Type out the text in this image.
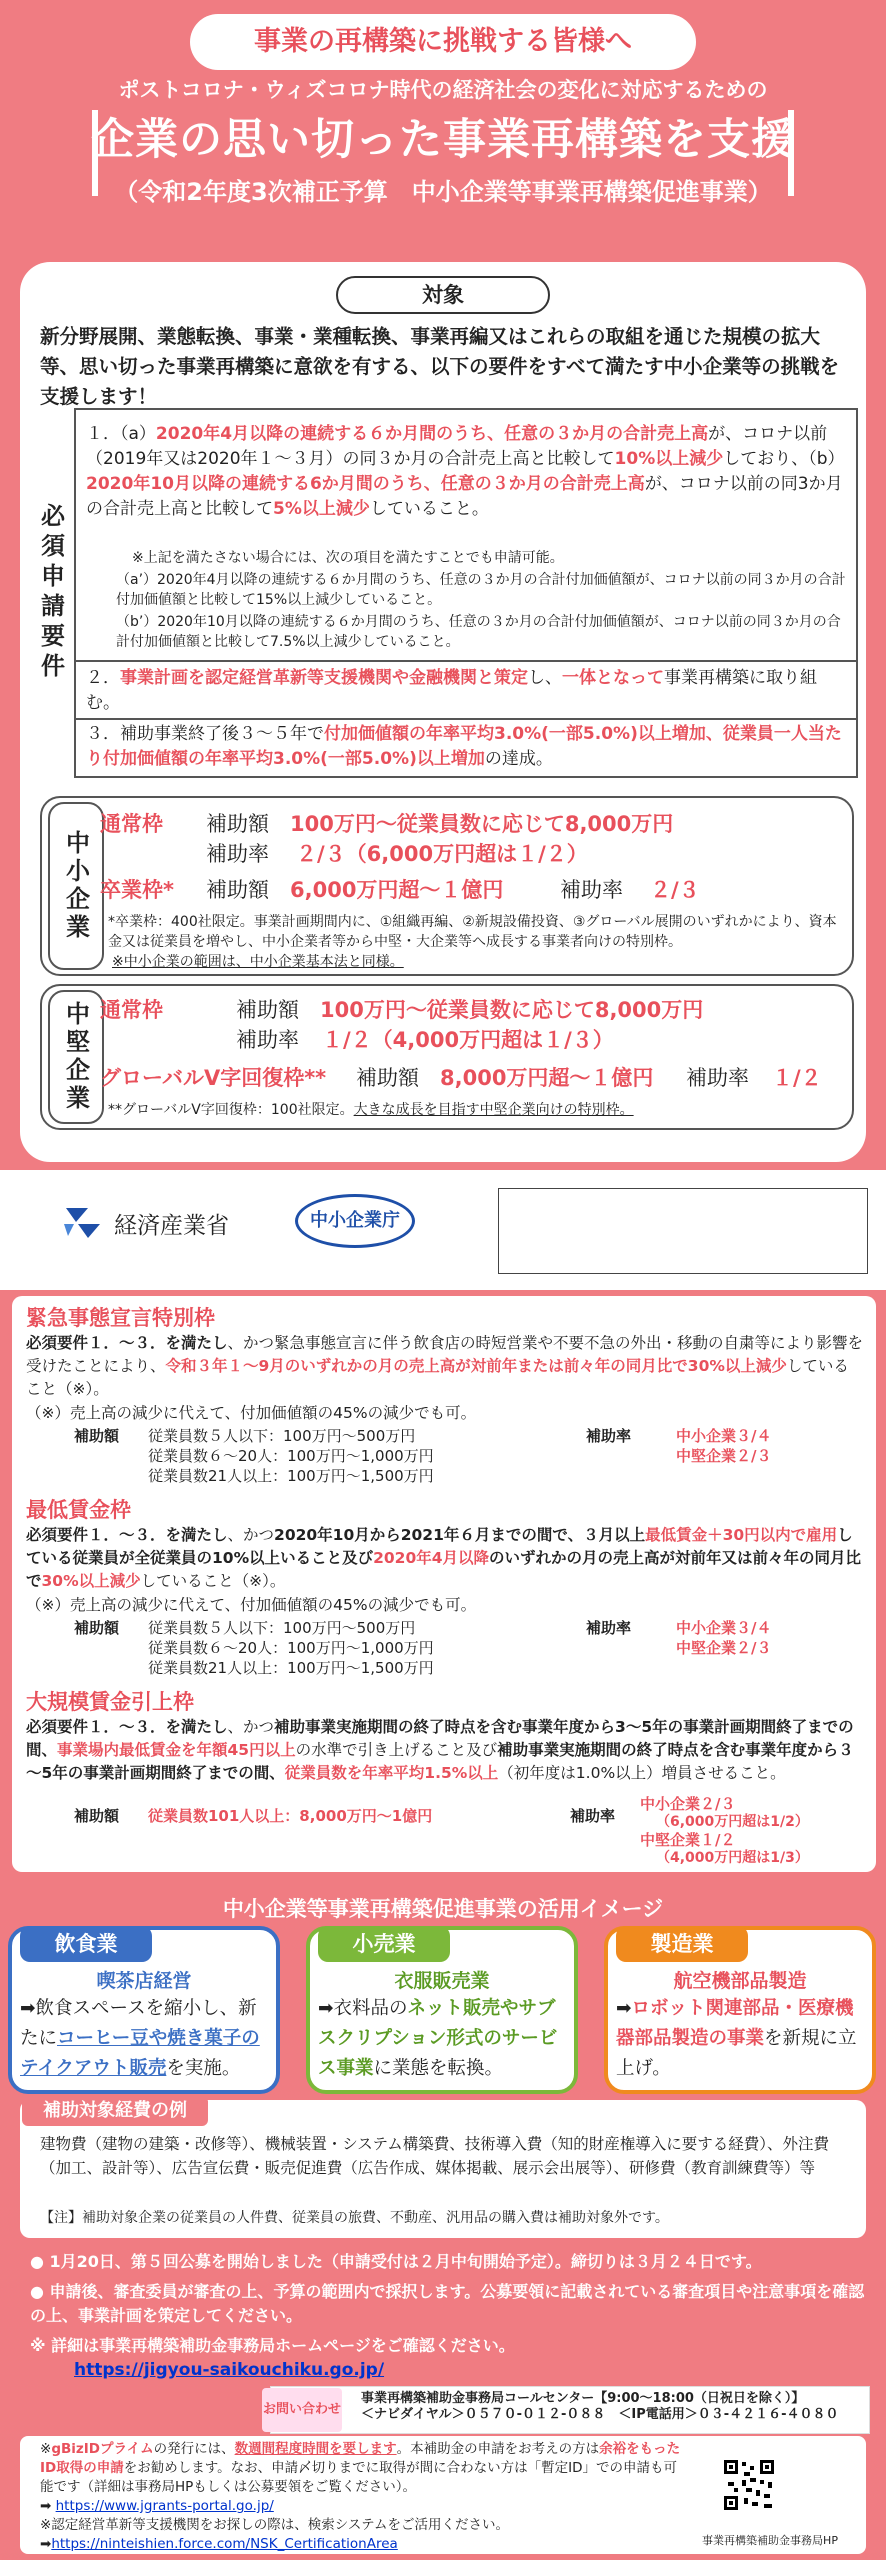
事業の再構築に挑戦する皆様へ
ポストコロナ・ウィズコロナ時代の経済社会の変化に対応するための
企業の思い切った事業再構築を支援
（令和2年度3次補正予算　中小企業等事業再構築促進事業）
対象
新分野展開、業態転換、事業・業種転換、事業再編又はこれらの取組を通じた規模の拡大等、思い切った事業再構築に意欲を有する、以下の要件をすべて満たす中小企業等の挑戦を支援します！
必須申請要件
１．（a）2020年4月以降の連続する６か月間のうち、任意の３か月の合計売上高が、コロナ以前（2019年又は2020年１～３月）の同３か月の合計売上高と比較して10%以上減少しており、（b）2020年10月以降の連続する6か月間のうち、任意の３か月の合計売上高が、コロナ以前の同3か月の合計売上高と比較して5%以上減少していること。
※上記を満たさない場合には、次の項目を満たすことでも申請可能。
（a’）2020年4月以降の連続する６か月間のうち、任意の３か月の合計付加価値額が、コロナ以前の同３か月の合計付加価値額と比較して15%以上減少していること。
（b’）2020年10月以降の連続する６か月間のうち、任意の３か月の合計付加価値額が、コロナ以前の同３か月の合計付加価値額と比較して7.5%以上減少していること。
２．事業計画を認定経営革新等支援機関や金融機関と策定し、一体となって事業再構築に取り組む。
３．補助事業終了後３～５年で付加価値額の年率平均3.0%(一部5.0%)以上増加、従業員一人当たり付加価値額の年率平均3.0%(一部5.0%)以上増加の達成。
中小企業
通常枠 補助額 100万円～従業員数に応じて8,000万円
補助率 ２/３（6,000万円超は１/２）
卒業枠* 補助額 6,000万円超～１億円	補助率 ２/３
*卒業枠：400社限定。事業計画期間内に、①組織再編、②新規設備投資、③グローバル展開のいずれかにより、資本金又は従業員を増やし、中小企業者等から中堅・大企業等へ成長する事業者向けの特別枠。
※中小企業の範囲は、中小企業基本法と同様。
中堅企業 通常枠	補助額 100万円～従業員数に応じて8,000万円
補助率 １/２（4,000万円超は１/３）
グローバルV字回復枠** 補助額 8,000万円超～１億円 補助率 １/２
**グローバルV字回復枠：100社限定。大きな成長を目指す中堅企業向けの特別枠。
経済産業省	中小企業庁
緊急事態宣言特別枠
必須要件１．～３．を満たし、かつ緊急事態宣言に伴う飲食店の時短営業や不要不急の外出・移動の自粛等により影響を受けたことにより、令和３年１～9月のいずれかの月の売上高が対前年または前々年の同月比で30%以上減少していること（※）。
（※）売上高の減少に代えて、付加価値額の45%の減少でも可。
補助額 従業員数５人以下：100万円～500万円
従業員数６～20人：100万円～1,000万円
従業員数21人以上：100万円～1,500万円
補助率	中小企業３/４
中堅企業２/３
最低賃金枠
必須要件１．～３．を満たし、かつ2020年10月から2021年６月までの間で、３月以上最低賃金＋30円以内で雇用している従業員が全従業員の10%以上いること及び2020年4月以降のいずれかの月の売上高が対前年又は前々年の同月比で30%以上減少していること（※）。
（※）売上高の減少に代えて、付加価値額の45%の減少でも可。
補助額 従業員数５人以下：100万円～500万円
従業員数６～20人：100万円～1,000万円
従業員数21人以上：100万円～1,500万円
補助率	中小企業３/４
中堅企業２/３
大規模賃金引上枠
必須要件１．～３．を満たし、かつ補助事業実施期間の終了時点を含む事業年度から3～5年の事業計画期間終了までの間、事業場内最低賃金を年額45円以上の水準で引き上げること及び補助事業実施期間の終了時点を含む事業年度から３～5年の事業計画期間終了までの間、従業員数を年率平均1.5%以上（初年度は1.0%以上）増員させること。
補助額 従業員数101人以上：8,000万円～1億円	補助率
中小企業２/３
（6,000万円超は1/2）
中堅企業１/２
（4,000万円超は1/3）
中小企業等事業再構築促進事業の活用イメージ
飲食業
喫茶店経営
➡飲食スペースを縮小し、新たにコーヒー豆や焼き菓子のテイクアウト販売を実施。
小売業
衣服販売業
➡衣料品のネット販売やサブスクリプション形式のサービス事業に業態を転換。
製造業
航空機部品製造
➡ロボット関連部品・医療機器部品製造の事業を新規に立上げ。
補助対象経費の例
建物費（建物の建築・改修等）、機械装置・システム構築費、技術導入費（知的財産権導入に要する経費）、外注費（加工、設計等）、広告宣伝費・販売促進費（広告作成、媒体掲載、展示会出展等）、研修費（教育訓練費等）等
【注】補助対象企業の従業員の人件費、従業員の旅費、不動産、汎用品の購入費は補助対象外です。
● 1月20日、第５回公募を開始しました（申請受付は２月中旬開始予定）。締切りは３月２４日です。
● 申請後、審査委員が審査の上、予算の範囲内で採択します。公募要領に記載されている審査項目や注意事項を確認の上、事業計画を策定してください。
※ 詳細は事業再構築補助金事務局ホームページをご確認ください。
https://jigyou-saikouchiku.go.jp/
事業再構築補助金事務局コールセンター【9:00～18:00（日祝日を除く）】
＜ナビダイヤル＞０５７０-０１２-０８８　＜IP電話用＞０３-４２１６-４０８０
お問い合わせ
※gBizIDプライムの発行には、数週間程度時間を要します。本補助金の申請をお考えの方は余裕をもったID取得の申請をお勧めします。なお、申請〆切りまでに取得が間に合わない方は「暫定ID」での申請も可能です（詳細は事務局HPもしくは公募要領をご覧ください）。
➡ https://www.jgrants-portal.go.jp/
※認定経営革新等支援機関をお探しの際は、検索システムをご活用ください。
➡https://ninteishien.force.com/NSK_CertificationArea	事業再構築補助金事務局HP
